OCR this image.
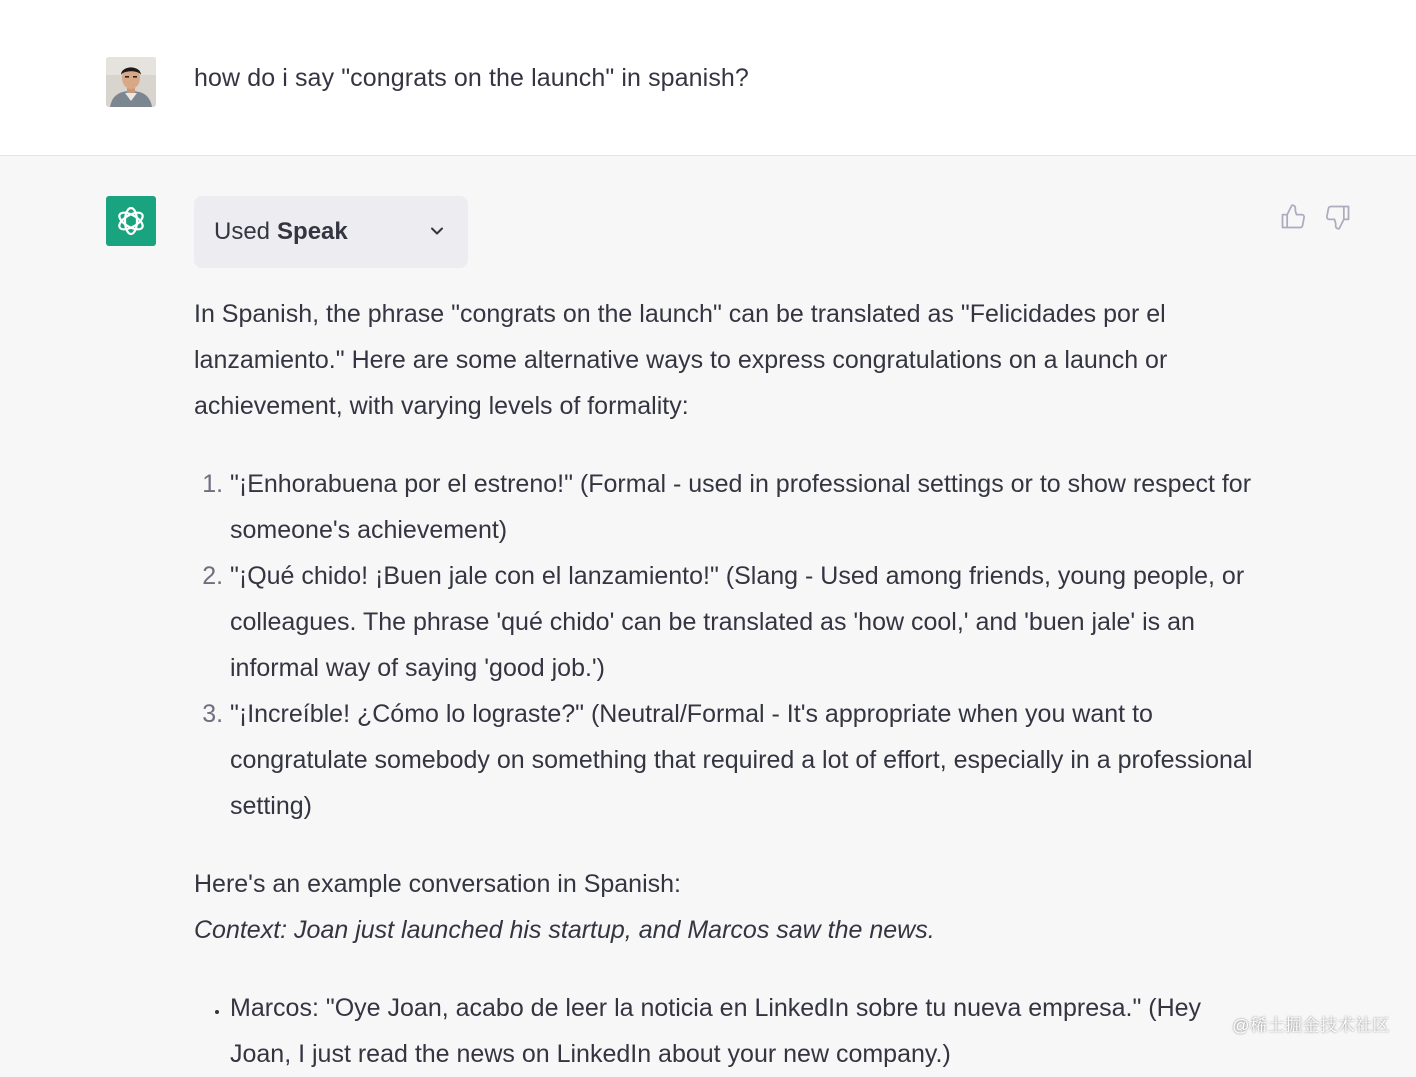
how do i say "congrats on the launch" in spanish?
Used Speak

In Spanish, the phrase "congrats on the launch" can be translated as "Felicidades por el lanzamiento." Here are some alternative ways to express congratulations on a launch or achievement, with varying levels of formality:

1. "¡Enhorabuena por el estreno!" (Formal - used in professional settings or to show respect for someone's achievement)
2. "¡Qué chido! ¡Buen jale con el lanzamiento!" (Slang - Used among friends, young people, or colleagues. The phrase 'qué chido' can be translated as 'how cool,' and 'buen jale' is an informal way of saying 'good job.')
3. "¡Increíble! ¿Cómo lo lograste?" (Neutral/Formal - It's appropriate when you want to congratulate somebody on something that required a lot of effort, especially in a professional setting)

Here's an example conversation in Spanish:

Context: Joan just launched his startup, and Marcos saw the news.

• Marcos: "Oye Joan, acabo de leer la noticia en LinkedIn sobre tu nueva empresa." (Hey Joan, I just read the news on LinkedIn about your new company.)
@稀土掘金技术社区
